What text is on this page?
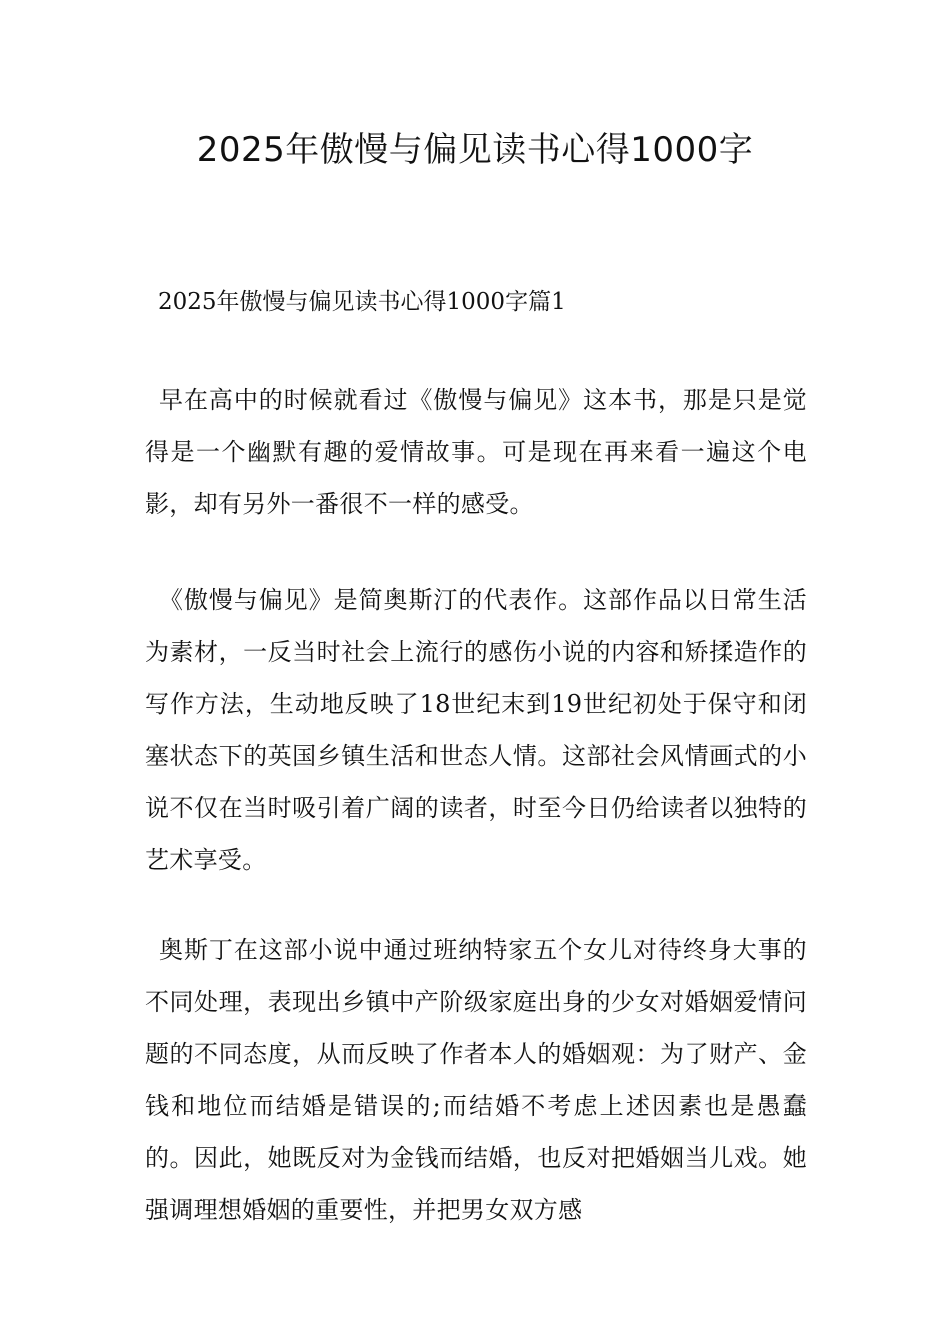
2025年傲慢与偏见读书心得1000字
2025年傲慢与偏见读书心得1000字篇1

早在高中的时候就看过《傲慢与偏见》这本书，那是只是觉得是一个幽默有趣的爱情故事。可是现在再来看一遍这个电影，却有另外一番很不一样的感受。

《傲慢与偏见》是简奥斯汀的代表作。这部作品以日常生活为素材，一反当时社会上流行的感伤小说的内容和矫揉造作的写作方法，生动地反映了18世纪末到19世纪初处于保守和闭塞状态下的英国乡镇生活和世态人情。这部社会风情画式的小说不仅在当时吸引着广阔的读者，时至今日仍给读者以独特的艺术享受。

奥斯丁在这部小说中通过班纳特家五个女儿对待终身大事的不同处理，表现出乡镇中产阶级家庭出身的少女对婚姻爱情问题的不同态度，从而反映了作者本人的婚姻观：为了财产、金钱和地位而结婚是错误的;而结婚不考虑上述因素也是愚蠢的。因此，她既反对为金钱而结婚，也反对把婚姻当儿戏。她强调理想婚姻的重要性，并把男女双方感
